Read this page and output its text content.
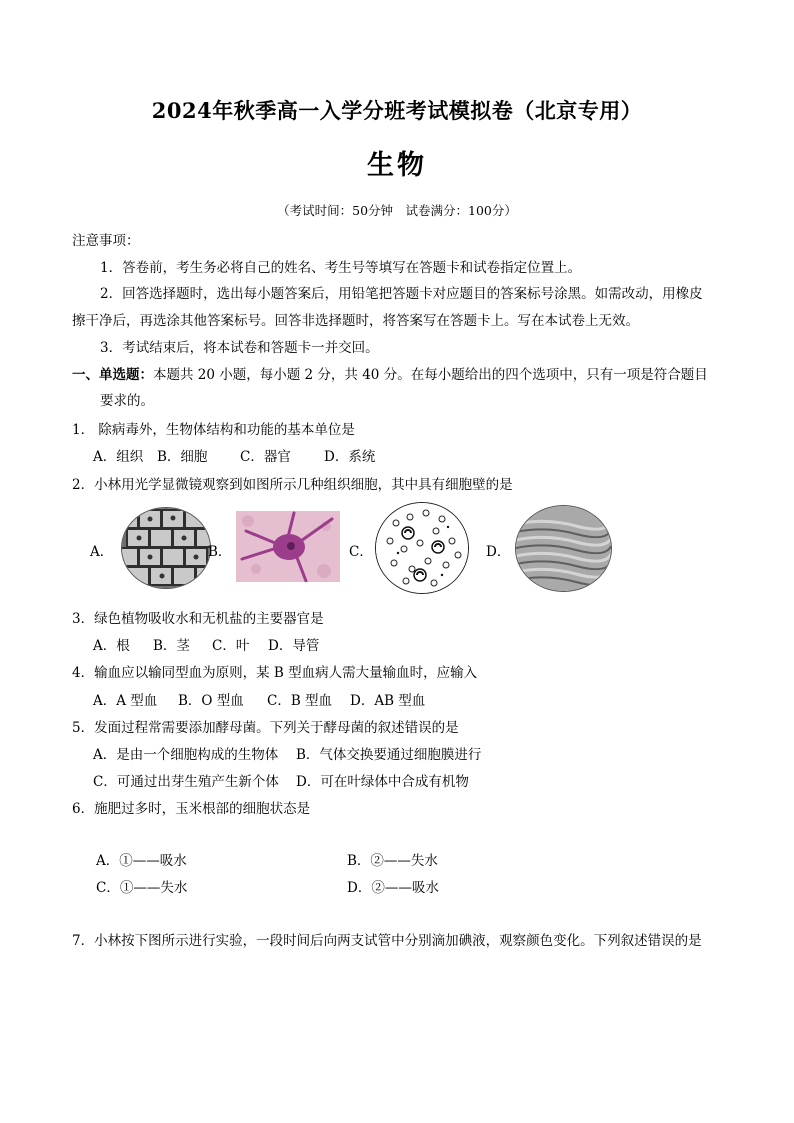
2024年秋季高一入学分班考试模拟卷（北京专用）
生物
（考试时间：50分钟　试卷满分：100分）
注意事项：
1．答卷前，考生务必将自己的姓名、考生号等填写在答题卡和试卷指定位置上。
2．回答选择题时，选出每小题答案后，用铅笔把答题卡对应题目的答案标号涂黑。如需改动，用橡皮
擦干净后，再选涂其他答案标号。回答非选择题时，将答案写在答题卡上。写在本试卷上无效。
3．考试结束后，将本试卷和答题卡一并交回。
一、单选题：本题共 20 小题，每小题 2 分，共 40 分。在每小题给出的四个选项中，只有一项是符合题目
要求的。
1． 除病毒外，生物体结构和功能的基本单位是
A．组织 B．细胞 C．器官 D．系统
2．小林用光学显微镜观察到如图所示几种组织细胞，其中具有细胞壁的是
A．	B．	C．	D．
3．绿色植物吸收水和无机盐的主要器官是
A．根 B．茎 C．叶 D．导管
4．输血应以输同型血为原则，某 B 型血病人需大量输血时，应输入
A．A 型血 B．O 型血 C．B 型血 D．AB 型血
5．发面过程常需要添加酵母菌。下列关于酵母菌的叙述错误的是
A．是由一个细胞构成的生物体 B．气体交换要通过细胞膜进行
C．可通过出芽生殖产生新个体 D．可在叶绿体中合成有机物
6．施肥过多时，玉米根部的细胞状态是
A．①——吸水	B．②——失水
C．①——失水	D．②——吸水
7．小林按下图所示进行实验，一段时间后向两支试管中分别滴加碘液，观察颜色变化。下列叙述错误的是
